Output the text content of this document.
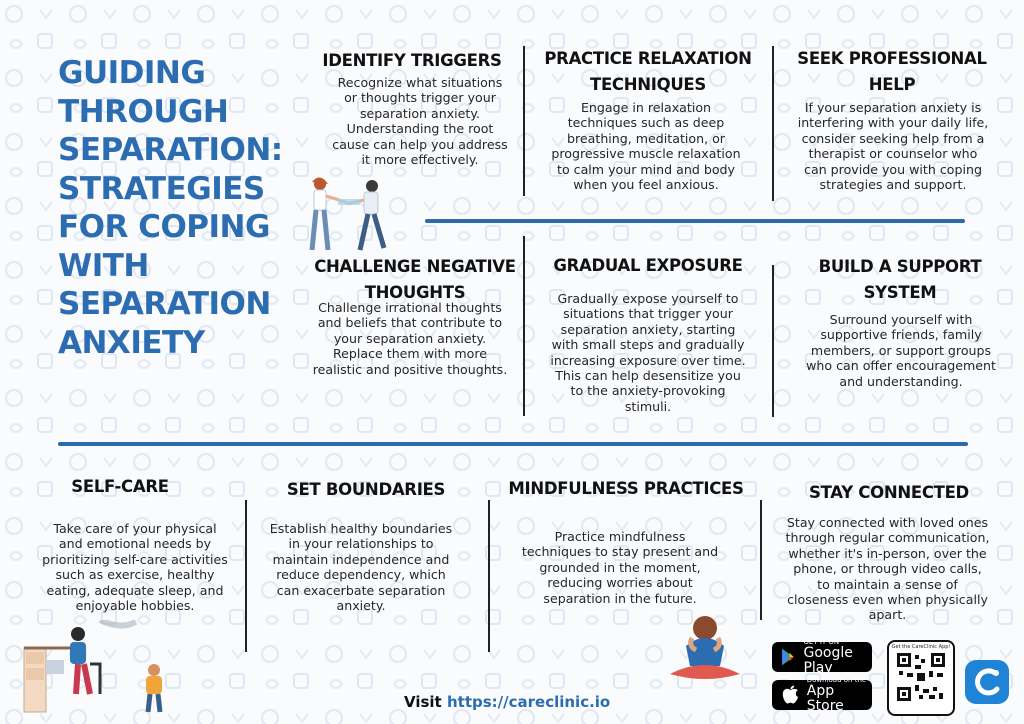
GUIDING THROUGH SEPARATION: STRATEGIES FOR COPING WITH SEPARATION ANXIETY
IDENTIFY TRIGGERS
Recognize what situations or thoughts trigger your separation anxiety. Understanding the root cause can help you address it more effectively.
PRACTICE RELAXATION TECHNIQUES
Engage in relaxation techniques such as deep breathing, meditation, or progressive muscle relaxation to calm your mind and body when you feel anxious.
SEEK PROFESSIONAL HELP
If your separation anxiety is interfering with your daily life, consider seeking help from a therapist or counselor who can provide you with coping strategies and support.
CHALLENGE NEGATIVE THOUGHTS
Challenge irrational thoughts and beliefs that contribute to your separation anxiety. Replace them with more realistic and positive thoughts.
GRADUAL EXPOSURE
Gradually expose yourself to situations that trigger your separation anxiety, starting with small steps and gradually increasing exposure over time. This can help desensitize you to the anxiety-provoking stimuli.
BUILD A SUPPORT SYSTEM
Surround yourself with supportive friends, family members, or support groups who can offer encouragement and understanding.
SELF-CARE
Take care of your physical and emotional needs by prioritizing self-care activities such as exercise, healthy eating, adequate sleep, and enjoyable hobbies.
SET BOUNDARIES
Establish healthy boundaries in your relationships to maintain independence and reduce dependency, which can exacerbate separation anxiety.
MINDFULNESS PRACTICES
Practice mindfulness techniques to stay present and grounded in the moment, reducing worries about separation in the future.
STAY CONNECTED
Stay connected with loved ones through regular communication, whether it's in-person, over the phone, or through video calls, to maintain a sense of closeness even when physically apart.
GET IT ON
Google Play
Download on the
App Store
Get the CareClinic App!
Visit https://careclinic.io
